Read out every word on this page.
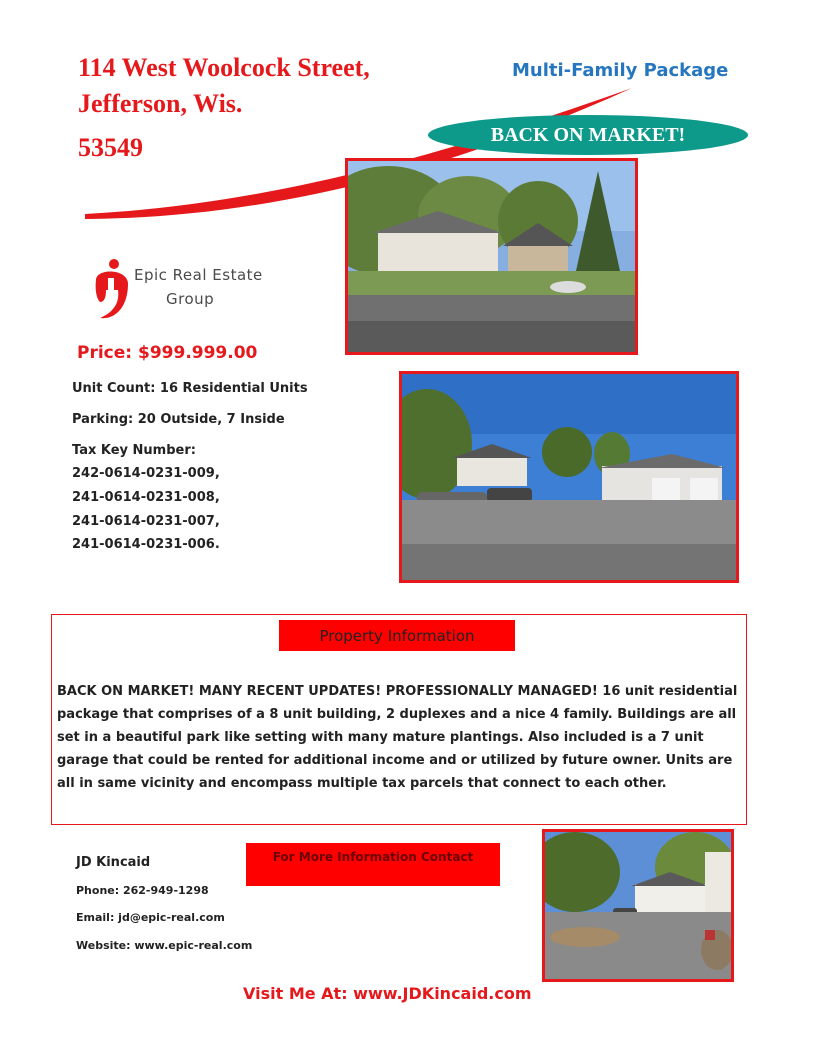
114 West Woolcock Street,
Jefferson, Wis.
53549
Multi-Family Package
BACK ON MARKET!
Epic Real Estate
Group
Price: $999.999.00
Unit Count: 16 Residential Units
Parking: 20 Outside, 7 Inside
Tax Key Number:
242-0614-0231-009,
241-0614-0231-008,
241-0614-0231-007,
241-0614-0231-006.
Property Information
BACK ON MARKET! MANY RECENT UPDATES! PROFESSIONALLY MANAGED! 16 unit residential package that comprises of a 8 unit building, 2 duplexes and a nice 4 family. Buildings are all set in a beautiful park like setting with many mature plantings. Also included is a 7 unit garage that could be rented for additional income and or utilized by future owner. Units are all in same vicinity and encompass multiple tax parcels that connect to each other.
JD Kincaid
Phone: 262-949-1298
Email: jd@epic-real.com
Website: www.epic-real.com
For More Information Contact
Visit Me At: www.JDKincaid.com
